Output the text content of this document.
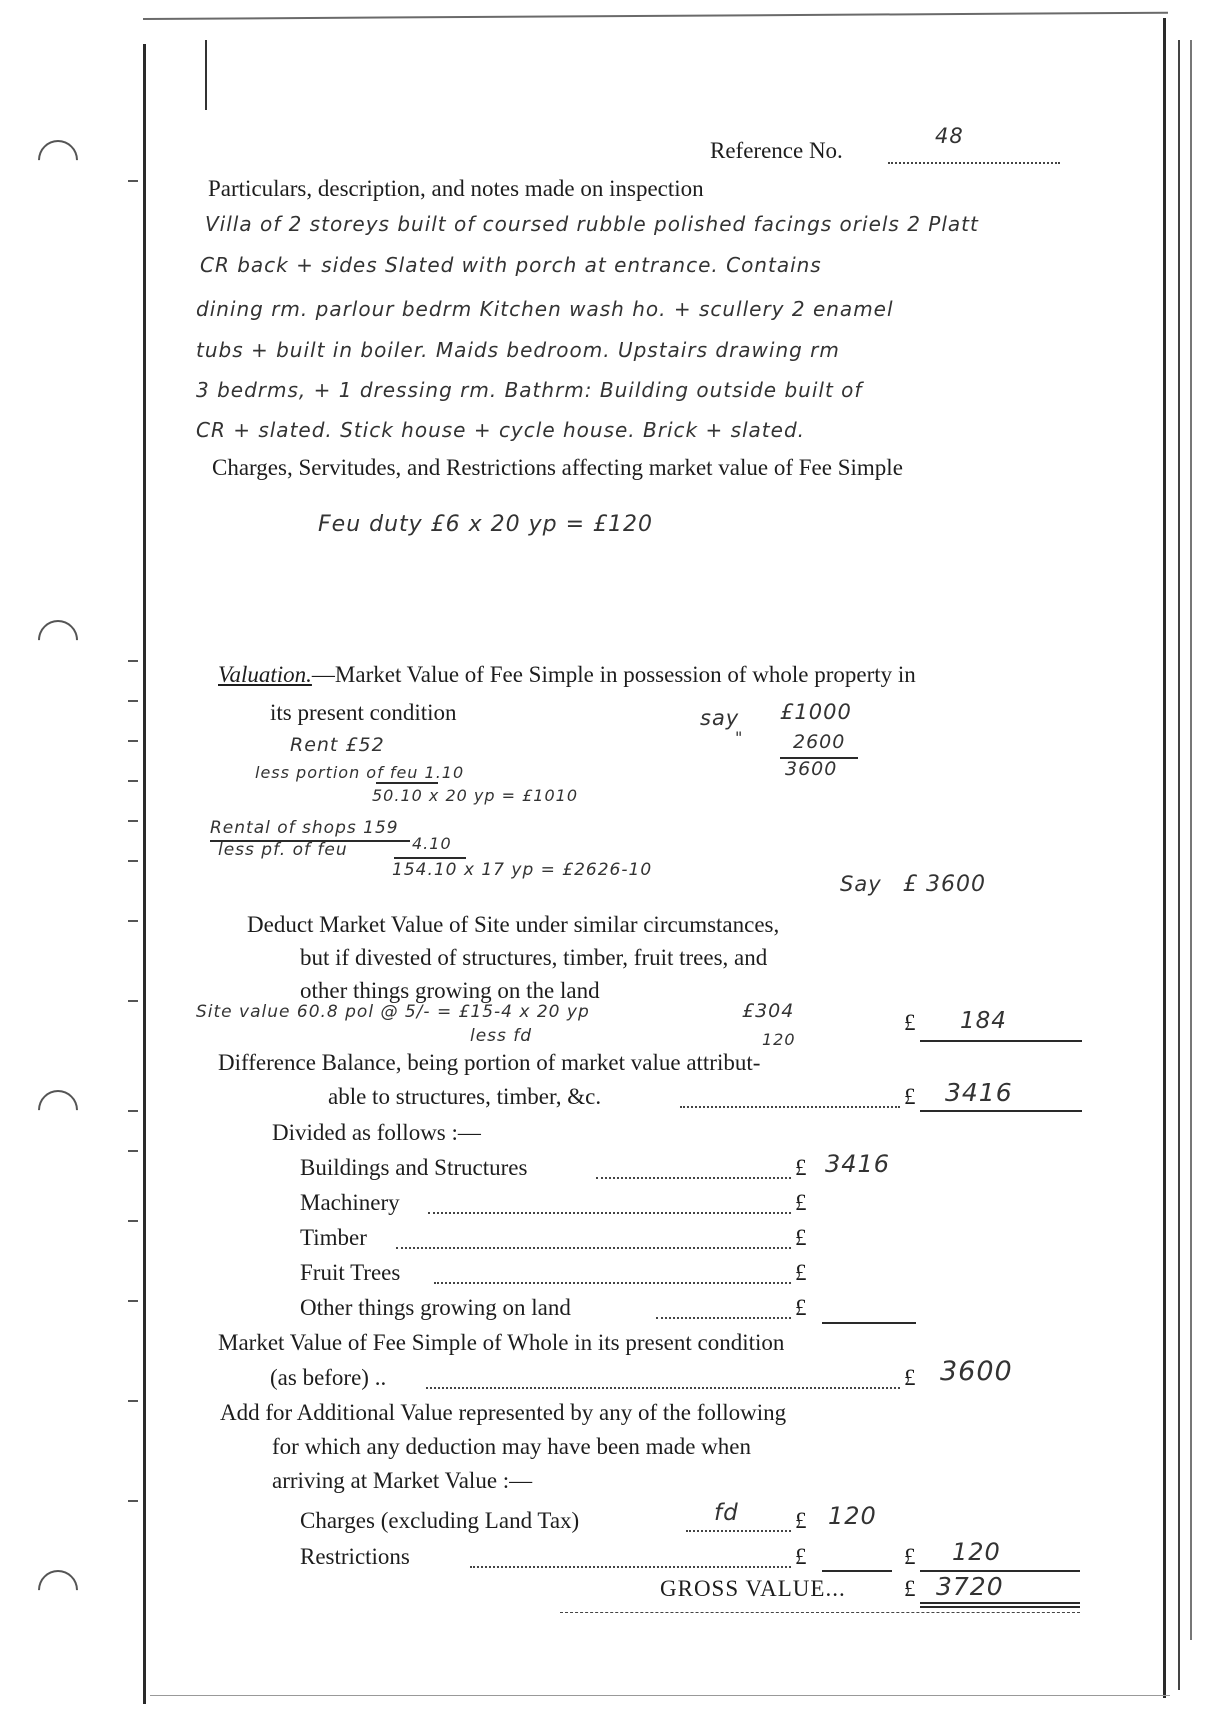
Reference No.
48
Particulars, description, and notes made on inspection
Villa of 2 storeys built of coursed rubble polished facings oriels 2 Platt
CR back + sides Slated with porch at entrance. Contains
dining rm. parlour bedrm Kitchen wash ho. + scullery 2 enamel
tubs + built in boiler. Maids bedroom. Upstairs drawing rm
3 bedrms, + 1 dressing rm. Bathrm: Building outside built of
CR + slated. Stick house + cycle house. Brick + slated.
Charges, Servitudes, and Restrictions affecting market value of Fee Simple
Feu duty £6 x 20 yp = £120
Valuation.—Market Value of Fee Simple in possession of whole property in
its present condition	say £1000
"	2600
3600
Rent £52
less portion of feu 1.10
50.10 x 20 yp = £1010
Rental of shops 159
less pf. of feu	4.10
154.10 x 17 yp = £2626-10
Say £ 3600
Deduct Market Value of Site under similar circumstances,
but if divested of structures, timber, fruit trees, and
other things growing on the land
Site value 60.8 pol @ 5/- = £15-4 x 20 yp	£304
less fd	120
£ 184
Difference Balance, being portion of market value attribut-
able to structures, timber, &c.	£ 3416
Divided as follows :—
Buildings and Structures	£ 3416
Machinery	£
Timber	£
Fruit Trees	£
Other things growing on land	£
Market Value of Fee Simple of Whole in its present condition
(as before) ..	£ 3600
Add for Additional Value represented by any of the following
for which any deduction may have been made when
arriving at Market Value :—
Charges (excluding Land Tax)	fd £ 120
Restrictions	£	£ 120
GROSS VALUE...	£ 3720
